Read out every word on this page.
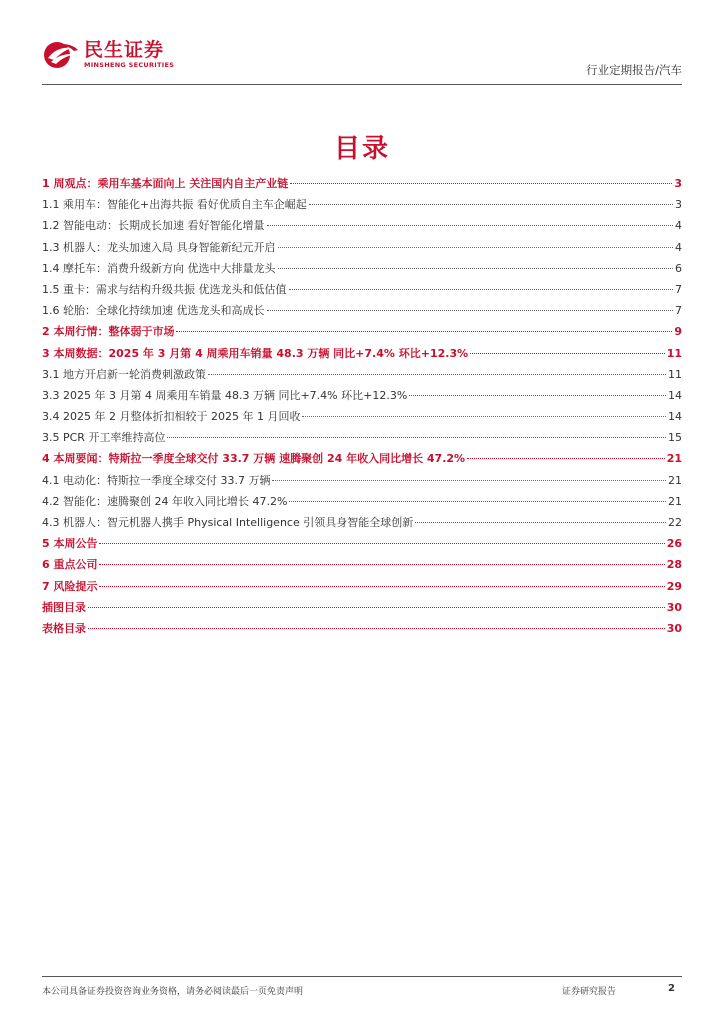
民生证券
MINSHENG SECURITIES	行业定期报告/汽车
目录
1 周观点：乘用车基本面向上 关注国内自主产业链	3
1.1 乘用车：智能化+出海共振 看好优质自主车企崛起	3
1.2 智能电动：长期成长加速 看好智能化增量	4
1.3 机器人：龙头加速入局 具身智能新纪元开启	4
1.4 摩托车：消费升级新方向 优选中大排量龙头	6
1.5 重卡：需求与结构升级共振 优选龙头和低估值	7
1.6 轮胎：全球化持续加速 优选龙头和高成长	7
2 本周行情：整体弱于市场	9
3 本周数据：2025 年 3 月第 4 周乘用车销量 48.3 万辆 同比+7.4% 环比+12.3%	11
3.1 地方开启新一轮消费刺激政策	11
3.3 2025 年 3 月第 4 周乘用车销量 48.3 万辆 同比+7.4% 环比+12.3%	14
3.4 2025 年 2 月整体折扣相较于 2025 年 1 月回收	14
3.5 PCR 开工率维持高位	15
4 本周要闻：特斯拉一季度全球交付 33.7 万辆 速腾聚创 24 年收入同比增长 47.2%	21
4.1 电动化：特斯拉一季度全球交付 33.7 万辆	21
4.2 智能化：速腾聚创 24 年收入同比增长 47.2%	21
4.3 机器人：智元机器人携手 Physical Intelligence 引领具身智能全球创新	22
5 本周公告	26
6 重点公司	28
7 风险提示	29
插图目录	30
表格目录	30
本公司具备证券投资咨询业务资格，请务必阅读最后一页免责声明	证券研究报告	2
